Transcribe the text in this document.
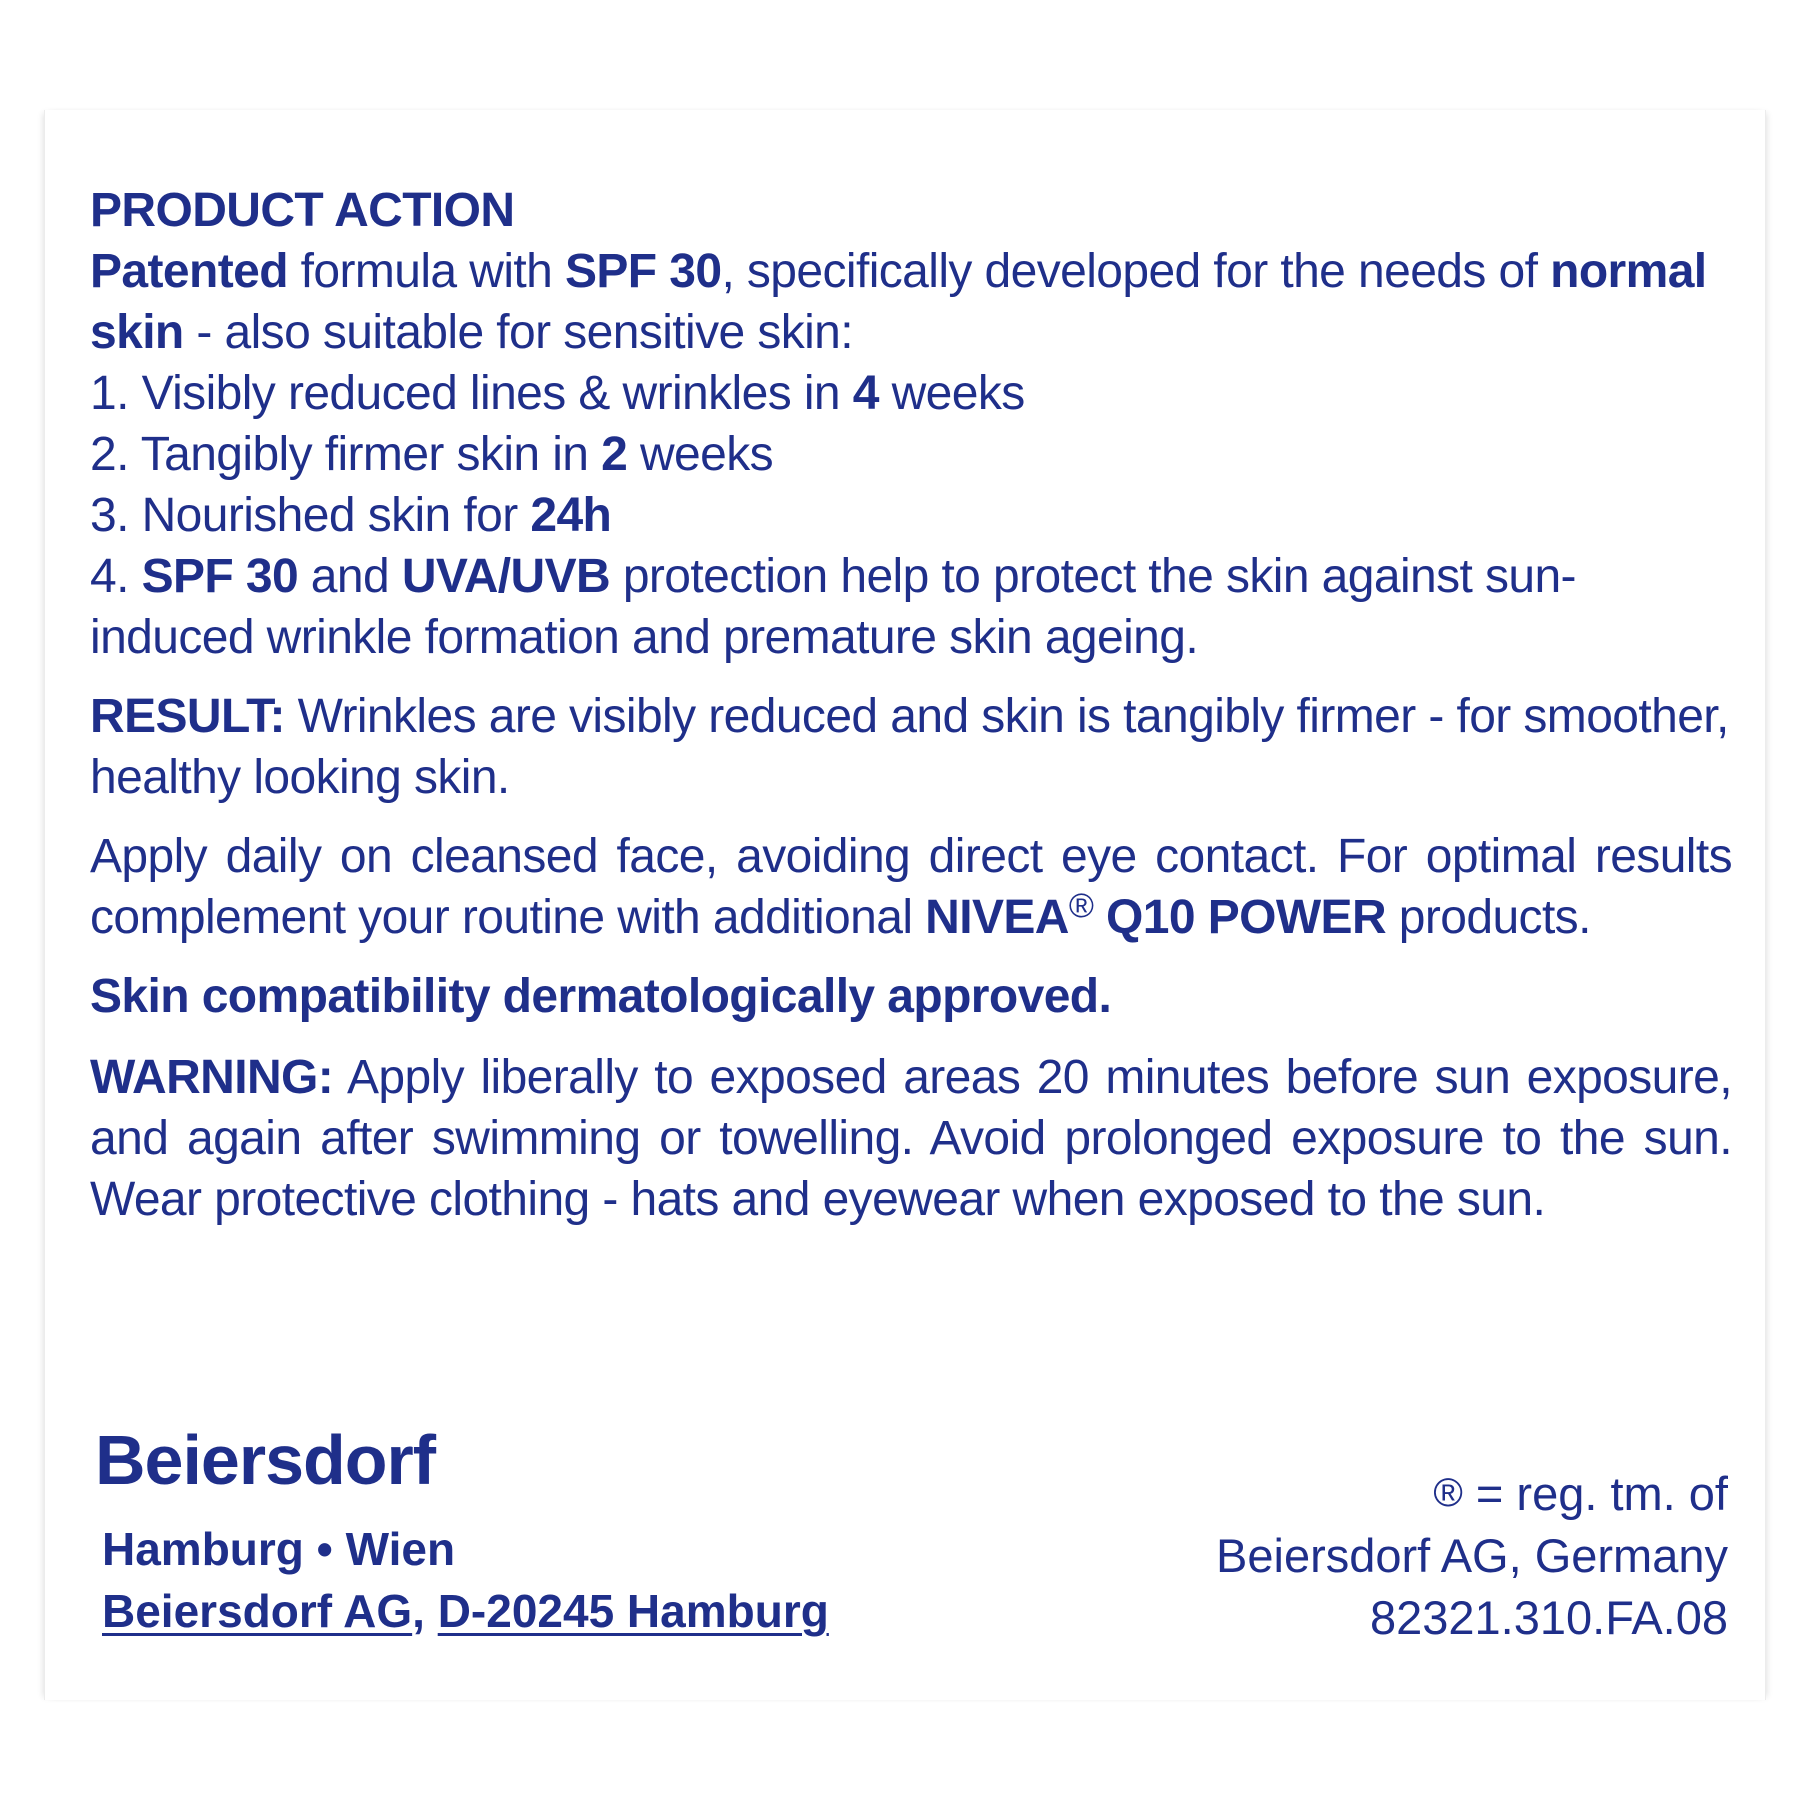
PRODUCT ACTION

Patented formula with SPF 30, specifically developed for the needs of normal skin - also suitable for sensitive skin:

1. Visibly reduced lines & wrinkles in 4 weeks

2. Tangibly firmer skin in 2 weeks

3. Nourished skin for 24h

4. SPF 30 and UVA/UVB protection help to protect the skin against sun-induced wrinkle formation and premature skin ageing.

RESULT: Wrinkles are visibly reduced and skin is tangibly firmer - for smoother, healthy looking skin.

Apply daily on cleansed face, avoiding direct eye contact. For optimal results complement your routine with additional NIVEA® Q10 POWER products.

Skin compatibility dermatologically approved.

WARNING: Apply liberally to exposed areas 20 minutes before sun exposure, and again after swimming or towelling. Avoid prolonged exposure to the sun. Wear protective clothing - hats and eyewear when exposed to the sun.

Beiersdorf
Hamburg • Wien
Beiersdorf AG, D-20245 Hamburg
® = reg. tm. of
Beiersdorf AG, Germany
82321.310.FA.08
